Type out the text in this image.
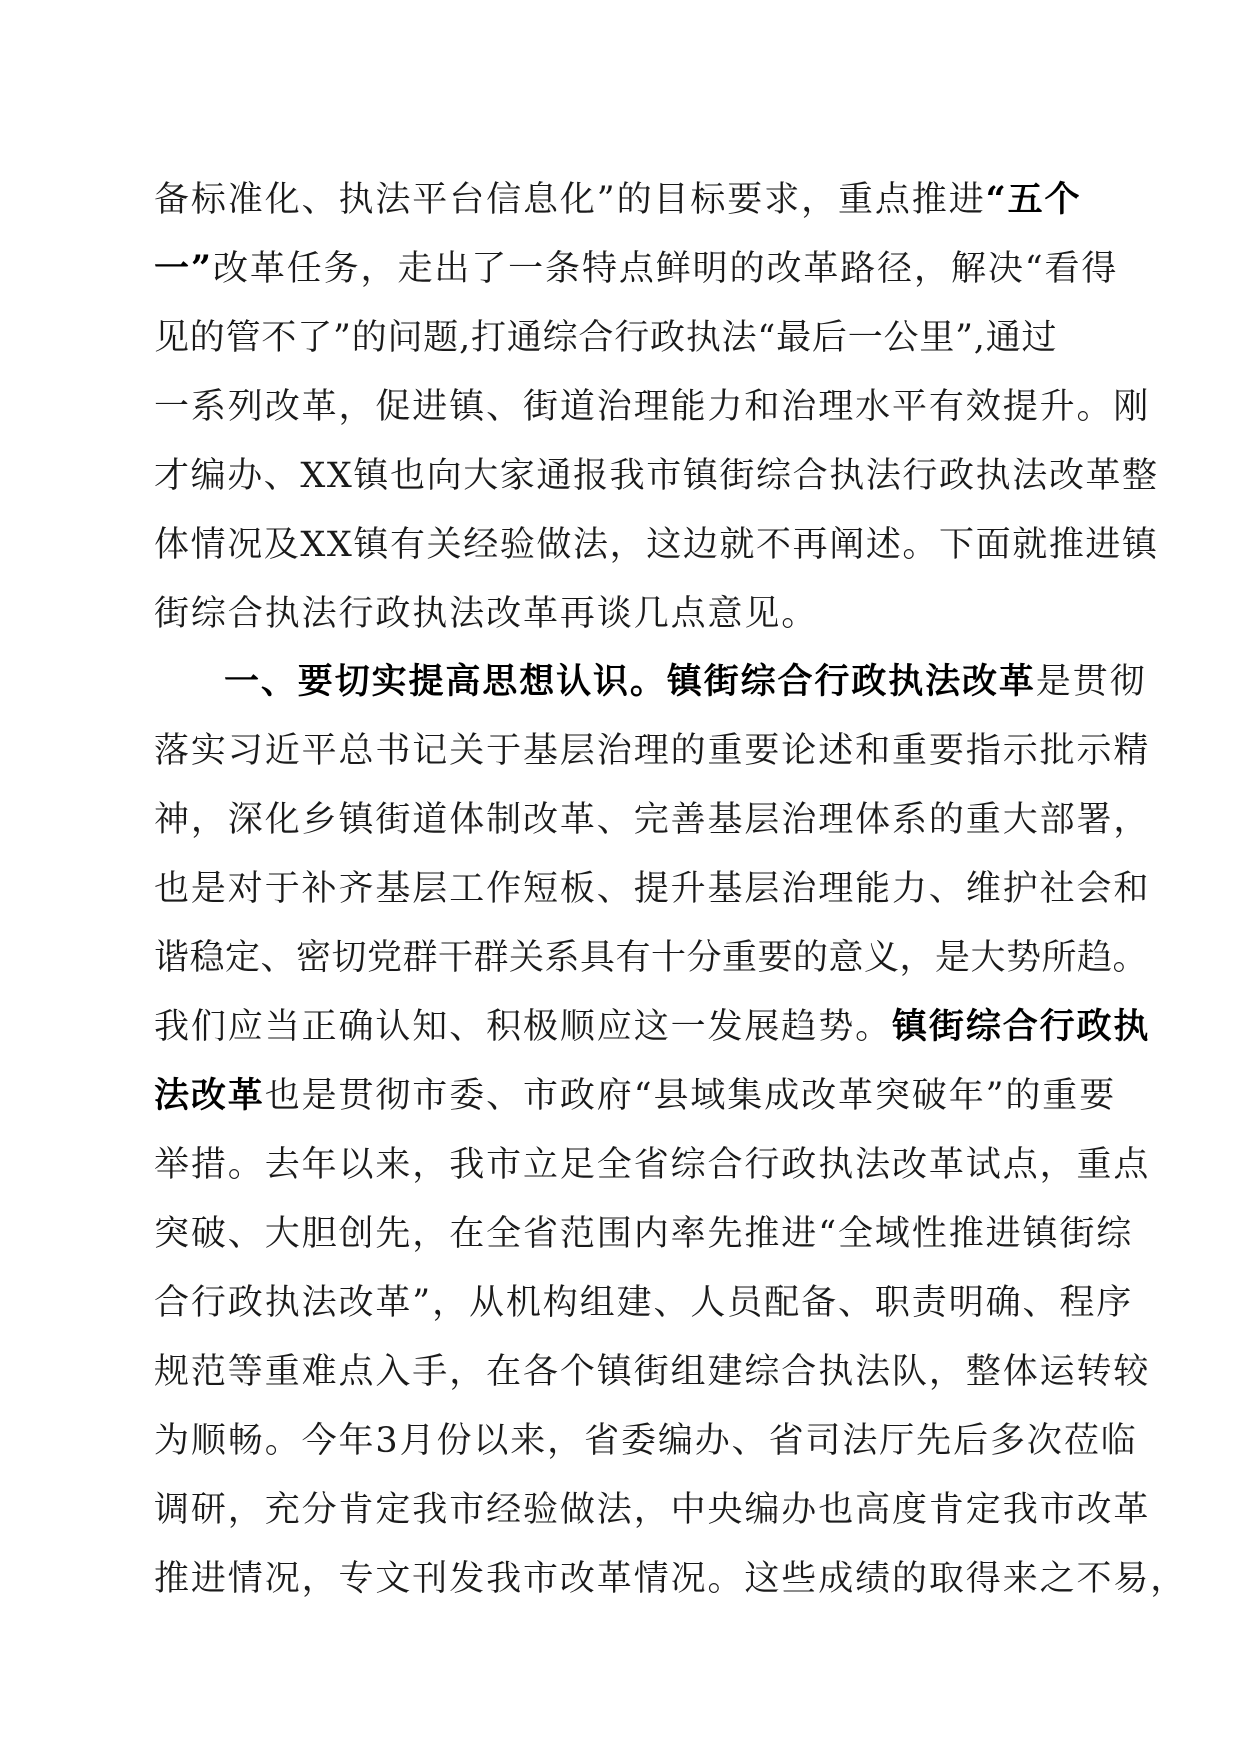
备标准化、执法平台信息化”的目标要求，重点推进“五个
一”改革任务，走出了一条特点鲜明的改革路径，解决“看得
见的管不了”的问题,打通综合行政执法“最后一公里”,通过
一系列改革，促进镇、街道治理能力和治理水平有效提升。刚
才编办、XX镇也向大家通报我市镇街综合执法行政执法改革整
体情况及XX镇有关经验做法，这边就不再阐述。下面就推进镇
街综合执法行政执法改革再谈几点意见。
一、要切实提高思想认识。镇街综合行政执法改革是贯彻
落实习近平总书记关于基层治理的重要论述和重要指示批示精
神，深化乡镇街道体制改革、完善基层治理体系的重大部署，
也是对于补齐基层工作短板、提升基层治理能力、维护社会和
谐稳定、密切党群干群关系具有十分重要的意义，是大势所趋。
我们应当正确认知、积极顺应这一发展趋势。镇街综合行政执
法改革也是贯彻市委、市政府“县域集成改革突破年”的重要
举措。去年以来，我市立足全省综合行政执法改革试点，重点
突破、大胆创先，在全省范围内率先推进“全域性推进镇街综
合行政执法改革”，从机构组建、人员配备、职责明确、程序
规范等重难点入手，在各个镇街组建综合执法队，整体运转较
为顺畅。今年3月份以来，省委编办、省司法厅先后多次莅临
调研，充分肯定我市经验做法，中央编办也高度肯定我市改革
推进情况，专文刊发我市改革情况。这些成绩的取得来之不易，
